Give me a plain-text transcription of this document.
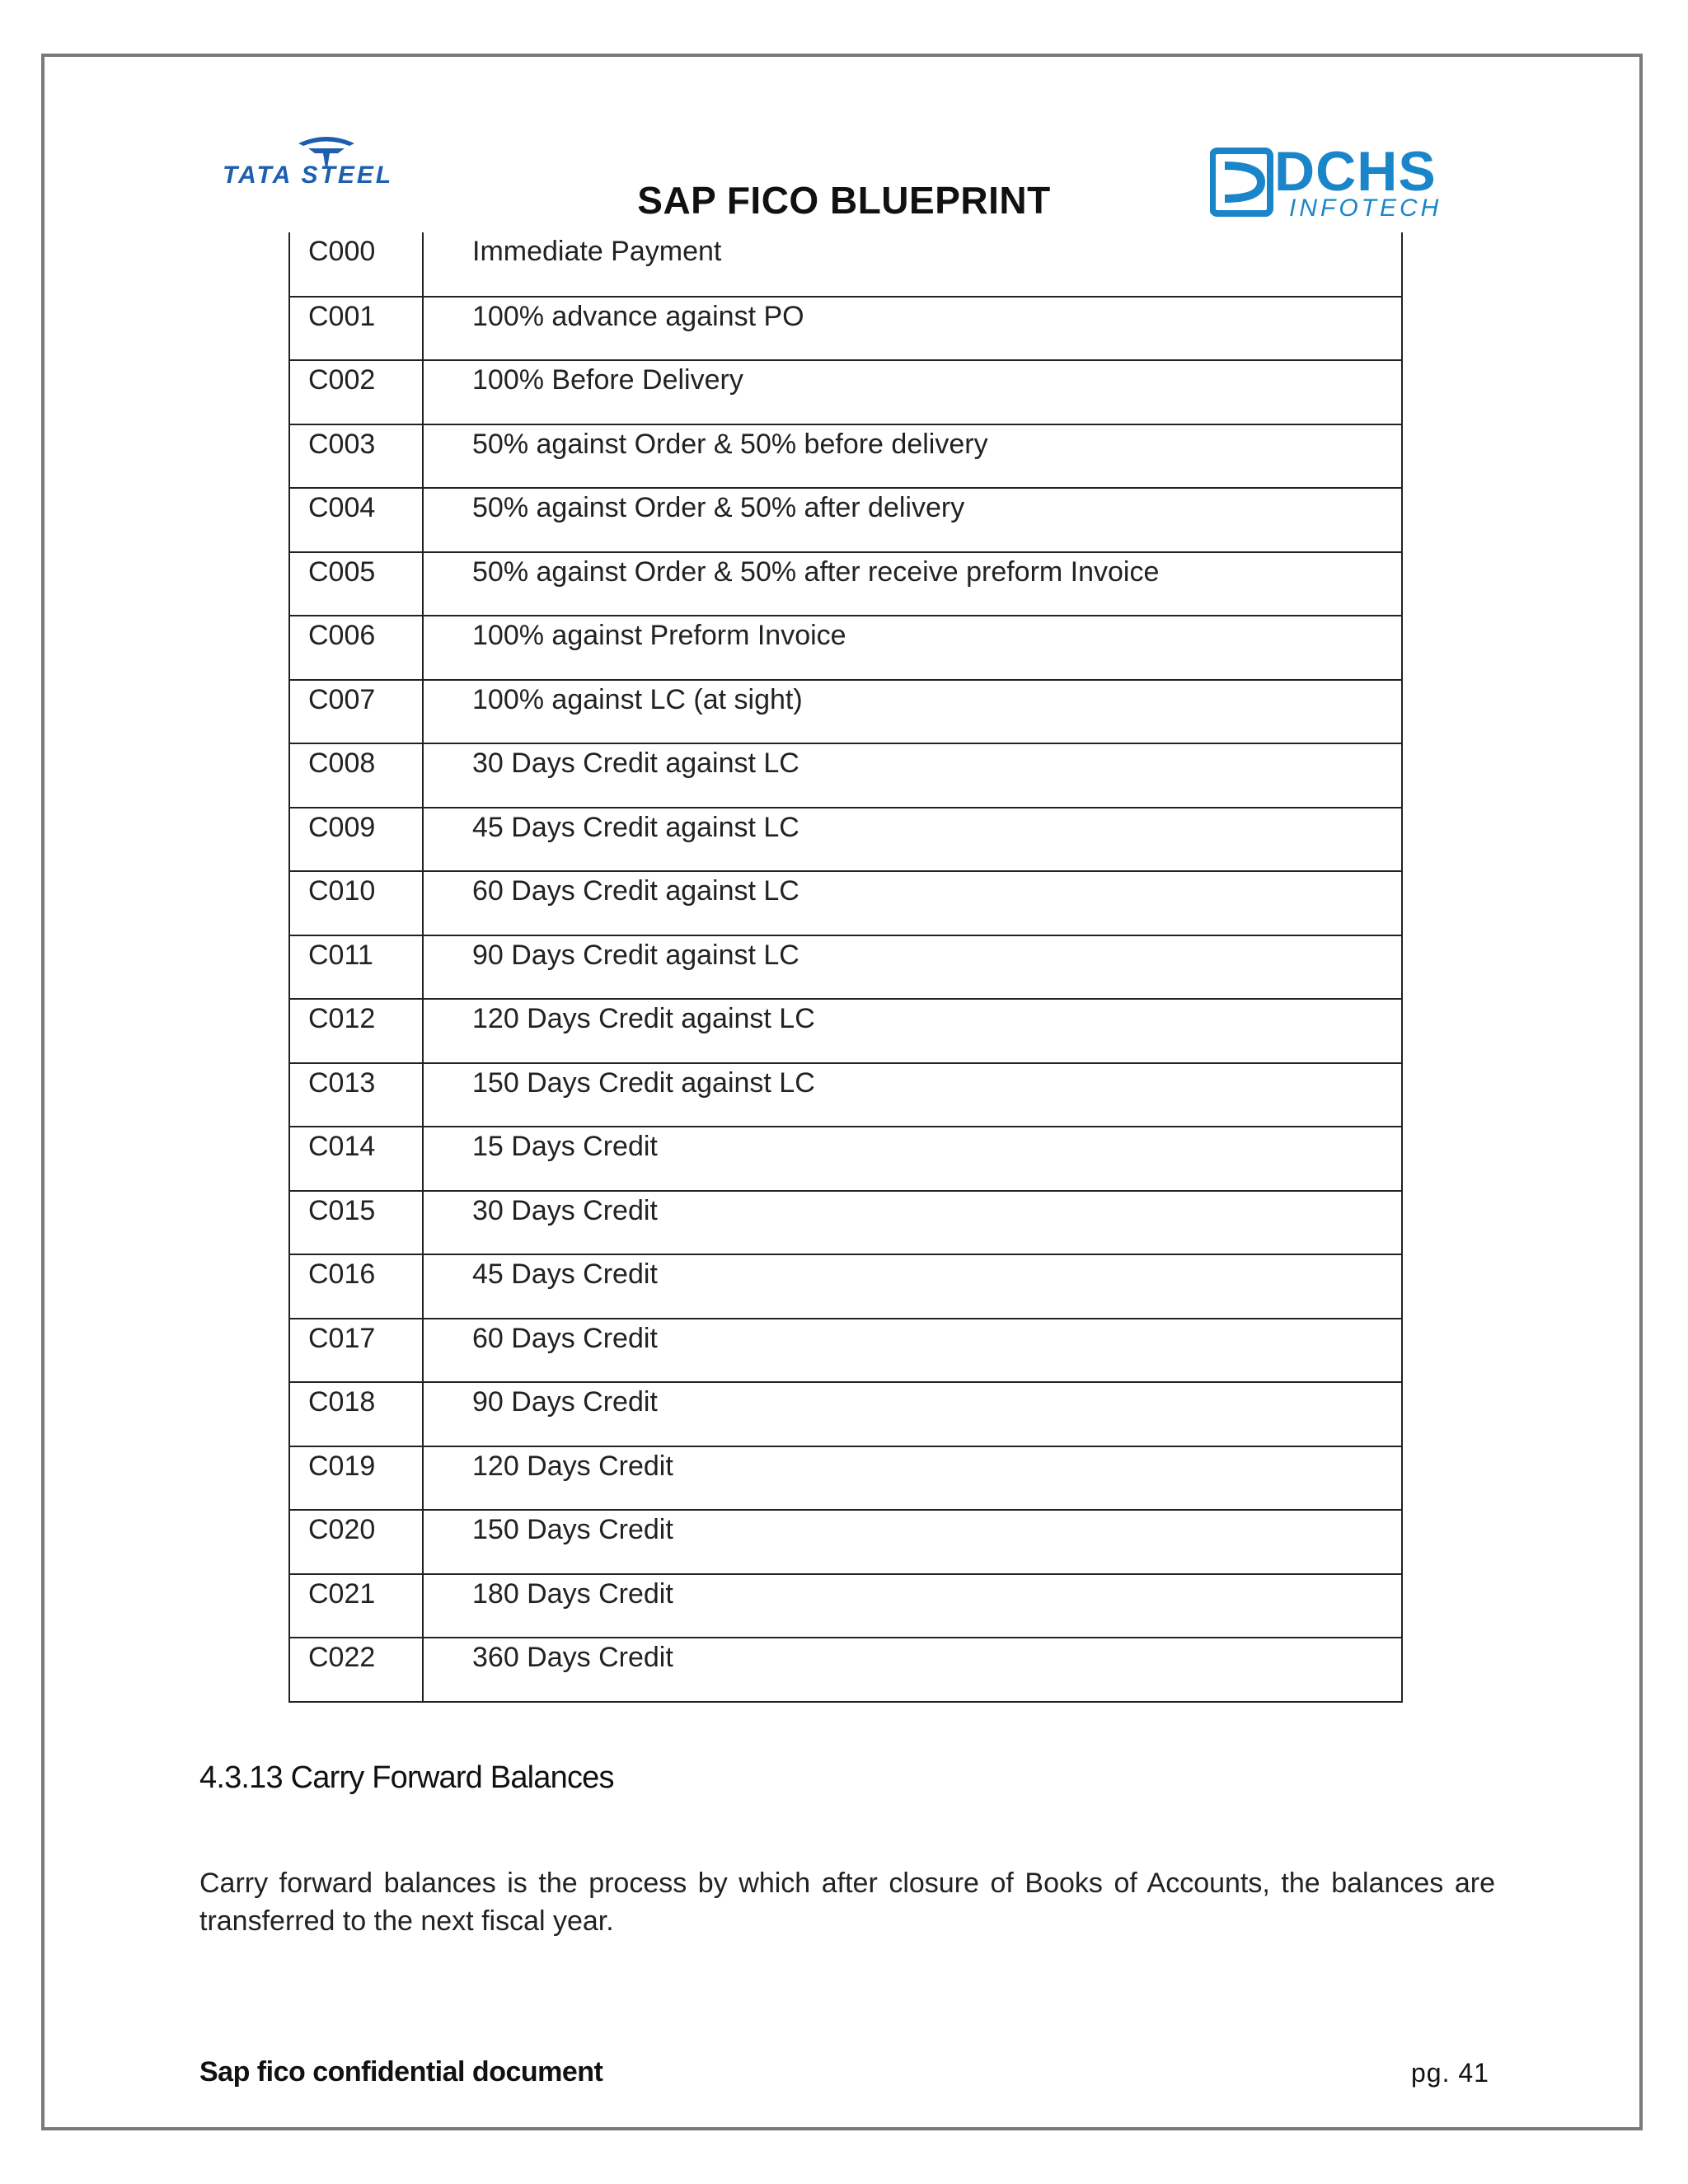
TATA STEEL	DCHS
INFOTECH
SAP FICO BLUEPRINT
C000	Immediate Payment
C001	100% advance against PO
C002	100% Before Delivery
C003	50% against Order & 50% before delivery
C004	50% against Order & 50% after delivery
C005	50% against Order & 50% after receive preform Invoice
C006	100% against Preform Invoice
C007	100% against LC (at sight)
C008	30 Days Credit against LC
C009	45 Days Credit against LC
C010	60 Days Credit against LC
C011	90 Days Credit against LC
C012	120 Days Credit against LC
C013	150 Days Credit against LC
C014	15 Days Credit
C015	30 Days Credit
C016	45 Days Credit
C017	60 Days Credit
C018	90 Days Credit
C019	120 Days Credit
C020	150 Days Credit
C021	180 Days Credit
C022	360 Days Credit
4.3.13 Carry Forward Balances
Carry forward balances is the process by which after closure of Books of Accounts, the balances are transferred to the next fiscal year.
Sap fico confidential document	pg. 41
